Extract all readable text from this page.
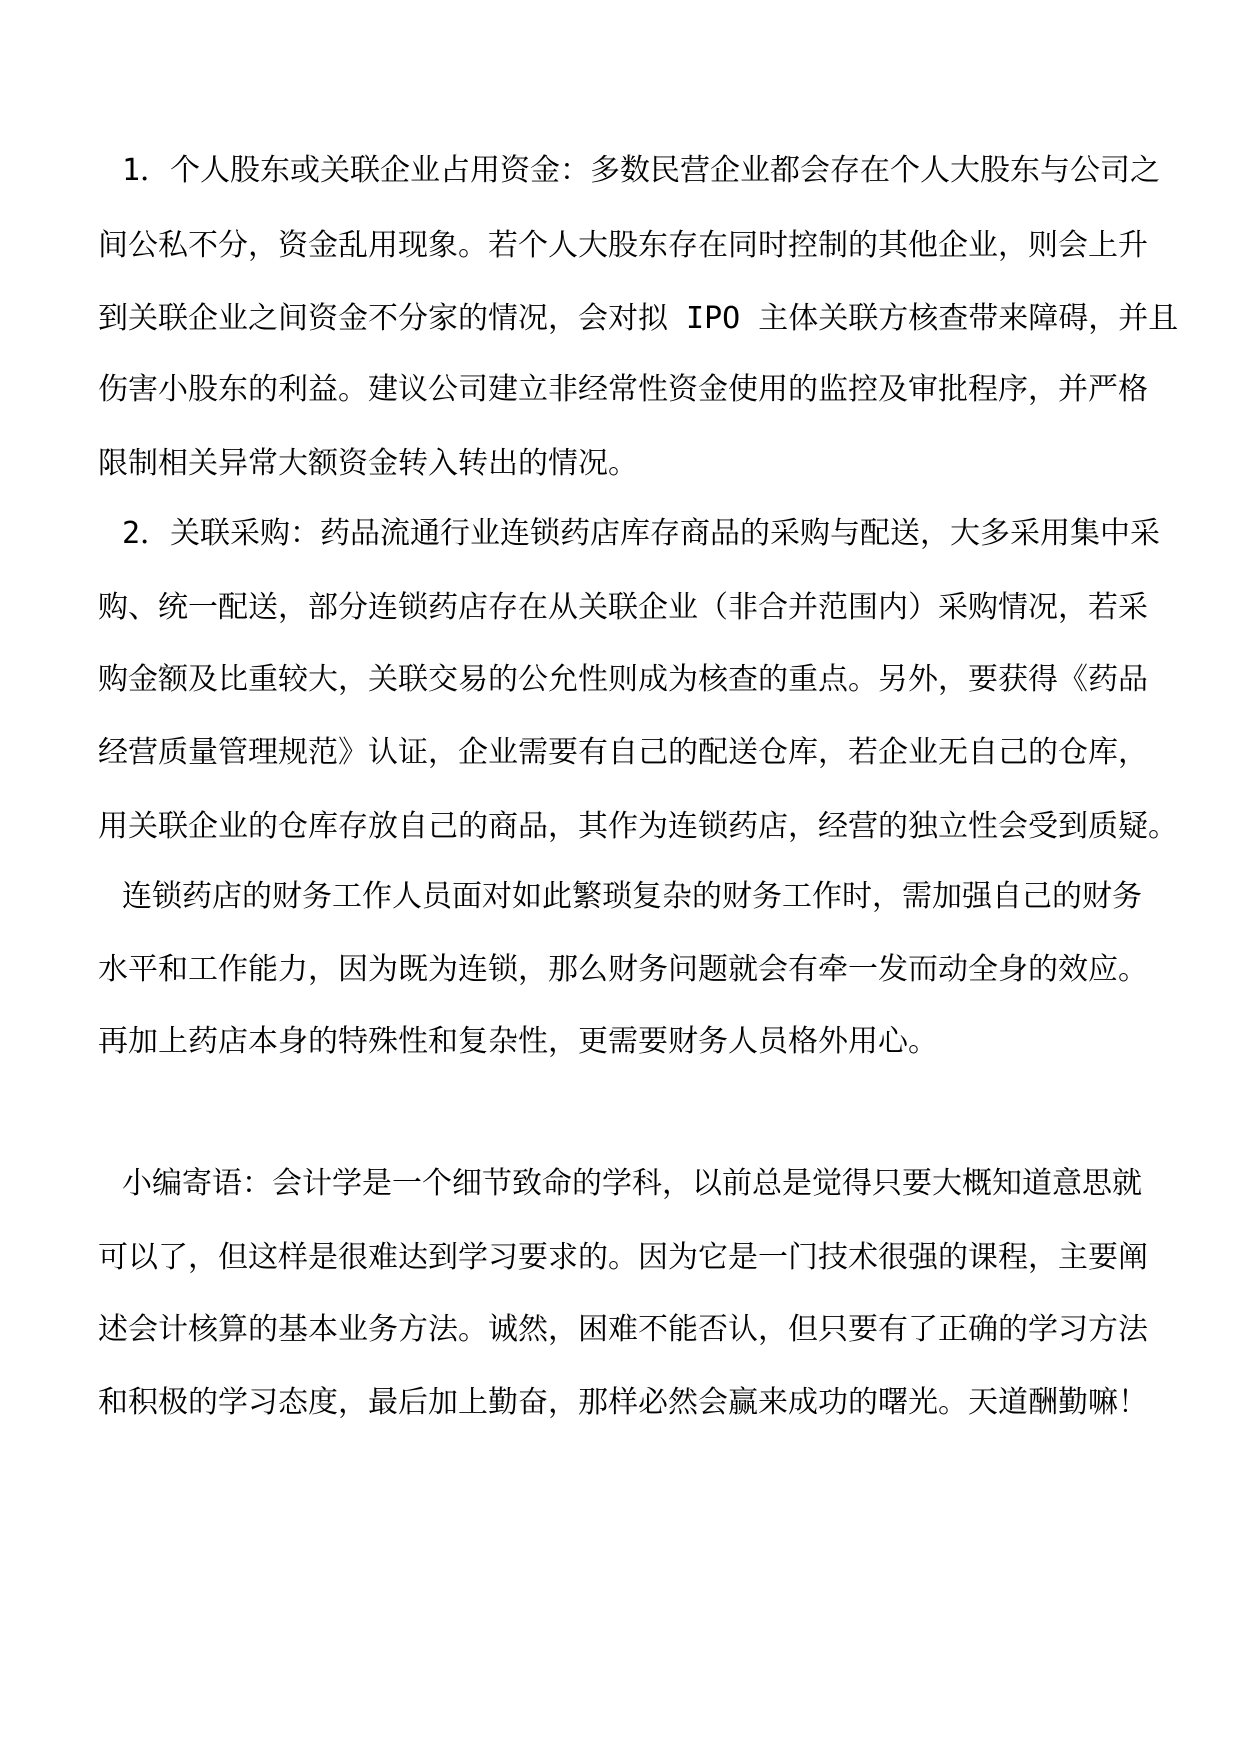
1．个人股东或关联企业占用资金：多数民营企业都会存在个人大股东与公司之
间公私不分，资金乱用现象。若个人大股东存在同时控制的其他企业，则会上升
到关联企业之间资金不分家的情况，会对拟 IPO 主体关联方核查带来障碍，并且
伤害小股东的利益。建议公司建立非经常性资金使用的监控及审批程序，并严格
限制相关异常大额资金转入转出的情况。
2．关联采购：药品流通行业连锁药店库存商品的采购与配送，大多采用集中采
购、统一配送，部分连锁药店存在从关联企业（非合并范围内）采购情况，若采
购金额及比重较大，关联交易的公允性则成为核查的重点。另外，要获得《药品
经营质量管理规范》认证，企业需要有自己的配送仓库，若企业无自己的仓库，
用关联企业的仓库存放自己的商品，其作为连锁药店，经营的独立性会受到质疑。
连锁药店的财务工作人员面对如此繁琐复杂的财务工作时，需加强自己的财务
水平和工作能力，因为既为连锁，那么财务问题就会有牵一发而动全身的效应。
再加上药店本身的特殊性和复杂性，更需要财务人员格外用心。
小编寄语：会计学是一个细节致命的学科，以前总是觉得只要大概知道意思就
可以了，但这样是很难达到学习要求的。因为它是一门技术很强的课程，主要阐
述会计核算的基本业务方法。诚然，困难不能否认，但只要有了正确的学习方法
和积极的学习态度，最后加上勤奋，那样必然会赢来成功的曙光。天道酬勤嘛！
